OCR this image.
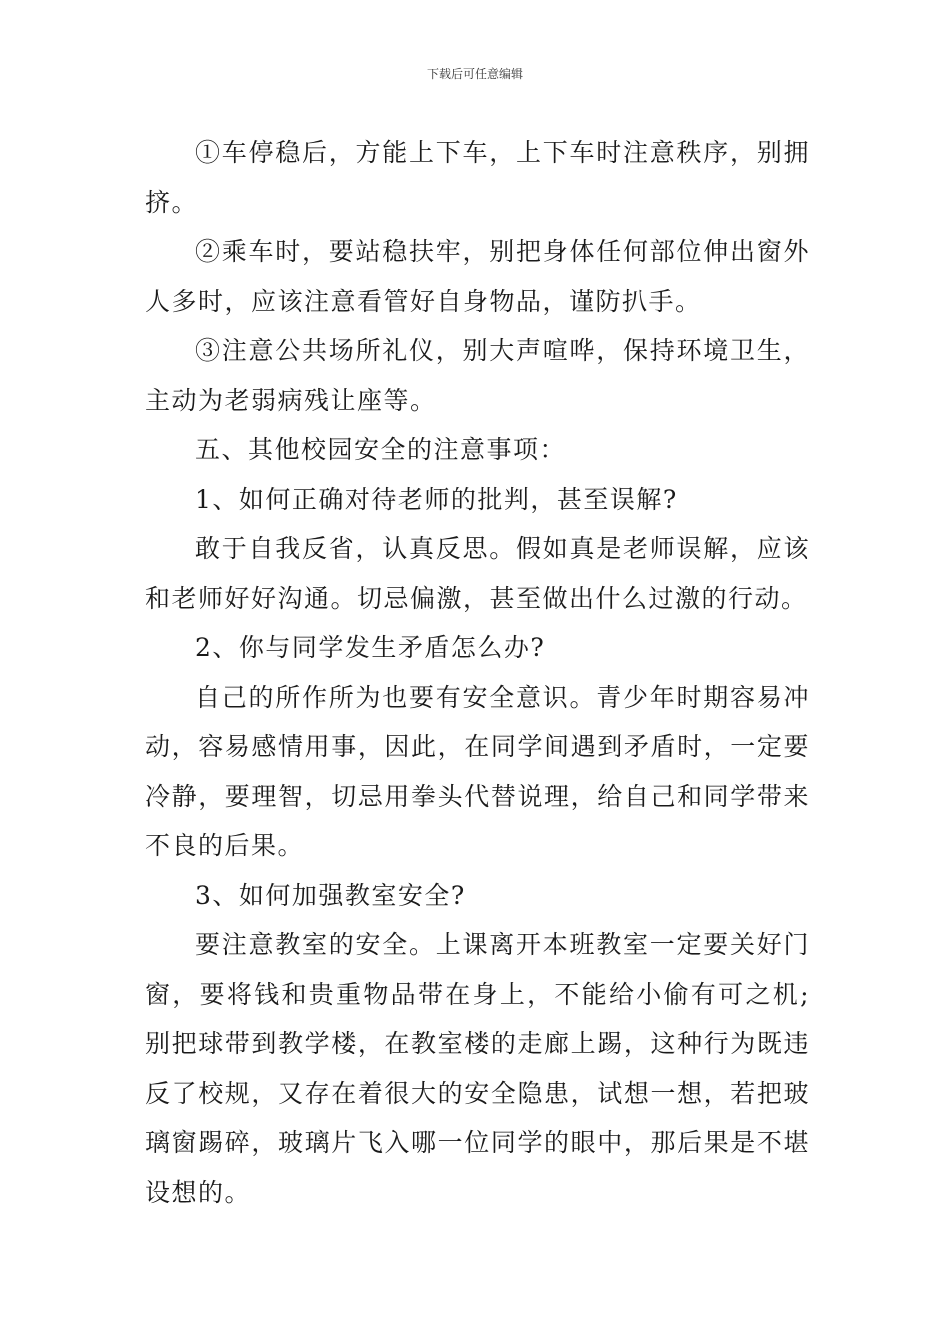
下载后可任意编辑

①车停稳后，方能上下车，上下车时注意秩序，别拥挤。

②乘车时，要站稳扶牢，别把身体任何部位伸出窗外人多时，应该注意看管好自身物品，谨防扒手。

③注意公共场所礼仪，别大声喧哗，保持环境卫生，主动为老弱病残让座等。

五、其他校园安全的注意事项：

1、如何正确对待老师的批判，甚至误解?

敢于自我反省，认真反思。假如真是老师误解，应该和老师好好沟通。切忌偏激，甚至做出什么过激的行动。

2、你与同学发生矛盾怎么办?

自己的所作所为也要有安全意识。青少年时期容易冲动，容易感情用事，因此，在同学间遇到矛盾时，一定要冷静，要理智，切忌用拳头代替说理，给自己和同学带来不良的后果。

3、如何加强教室安全?

要注意教室的安全。上课离开本班教室一定要关好门窗，要将钱和贵重物品带在身上，不能给小偷有可之机;别把球带到教学楼，在教室楼的走廊上踢，这种行为既违反了校规，又存在着很大的安全隐患，试想一想，若把玻璃窗踢碎，玻璃片飞入哪一位同学的眼中，那后果是不堪设想的。
